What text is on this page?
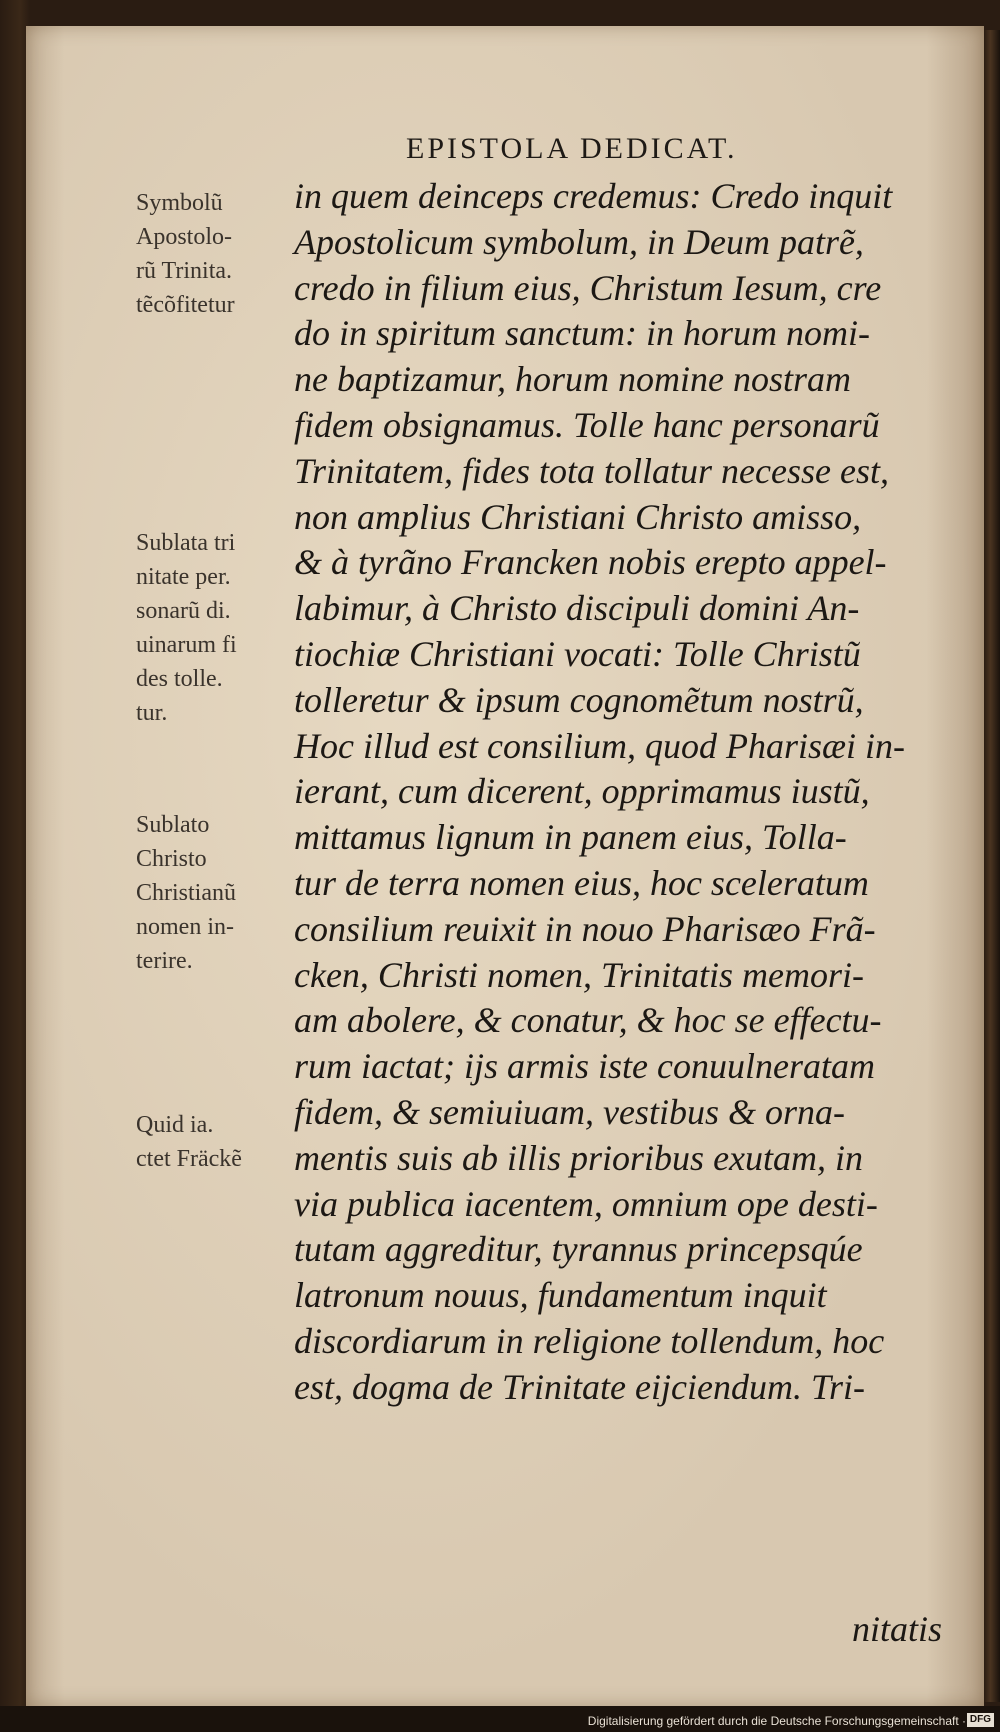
EPISTOLA DEDICAT.
Symbolũ
Apostolo-
rũ Trinita.
tẽcõfitetur
Sublata tri
nitate per.
sonarũ di.
uinarum fi
des tolle.
tur.
Sublato
Christo
Christianũ
nomen in-
terire.
Quid ia.
ctet Fräckẽ
in quem deinceps credemus: Credo inquit
Apostolicum symbolum, in Deum patrẽ,
credo in filium eius, Christum Iesum, cre
do in spiritum sanctum: in horum nomi-
ne baptizamur, horum nomine nostram
fidem obsignamus. Tolle hanc personarũ
Trinitatem, fides tota tollatur necesse est,
non amplius Christiani Christo amisso,
& à tyrãno Francken nobis erepto appel-
labimur, à Christo discipuli domini An-
tiochiæ Christiani vocati: Tolle Christũ
tolleretur & ipsum cognomẽtum nostrũ,
Hoc illud est consilium, quod Pharisæi in-
ierant, cum dicerent, opprimamus iustũ,
mittamus lignum in panem eius, Tolla-
tur de terra nomen eius, hoc sceleratum
consilium reuixit in nouo Pharisæo Frã-
cken, Christi nomen, Trinitatis memori-
am abolere, & conatur, & hoc se effectu-
rum iactat; ijs armis iste conuulneratam
fidem, & semiuiuam, vestibus & orna-
mentis suis ab illis prioribus exutam, in
via publica iacentem, omnium ope desti-
tutam aggreditur, tyrannus princepsqúe
latronum nouus, fundamentum inquit
discordiarum in religione tollendum, hoc
est, dogma de Trinitate eijciendum. Tri-
nitatis
Digitalisierung gefördert durch die Deutsche Forschungsgemeinschaft · DFG
